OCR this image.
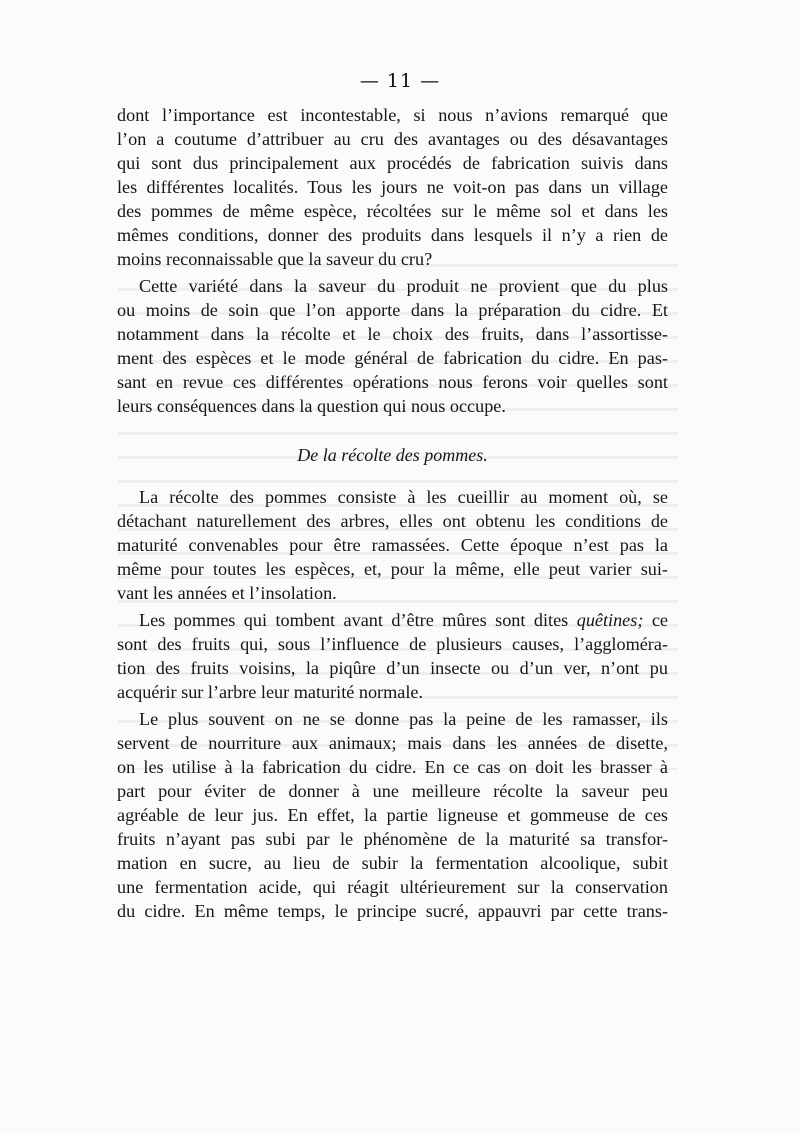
— 11 —

dont l’importance est incontestable, si nous n’avions remarqué que
l’on a coutume d’attribuer au cru des avantages ou des désavantages
qui sont dus principalement aux procédés de fabrication suivis dans
les différentes localités. Tous les jours ne voit-on pas dans un village
des pommes de même espèce, récoltées sur le même sol et dans les
mêmes conditions, donner des produits dans lesquels il n’y a rien de
moins reconnaissable que la saveur du cru?

Cette variété dans la saveur du produit ne provient que du plus
ou moins de soin que l’on apporte dans la préparation du cidre. Et
notamment dans la récolte et le choix des fruits, dans l’assortisse-
ment des espèces et le mode général de fabrication du cidre. En pas-
sant en revue ces différentes opérations nous ferons voir quelles sont
leurs conséquences dans la question qui nous occupe.

De la récolte des pommes.

La récolte des pommes consiste à les cueillir au moment où, se
détachant naturellement des arbres, elles ont obtenu les conditions de
maturité convenables pour être ramassées. Cette époque n’est pas la
même pour toutes les espèces, et, pour la même, elle peut varier sui-
vant les années et l’insolation.

Les pommes qui tombent avant d’être mûres sont dites quêtines; ce
sont des fruits qui, sous l’influence de plusieurs causes, l’aggloméra-
tion des fruits voisins, la piqûre d’un insecte ou d’un ver, n’ont pu
acquérir sur l’arbre leur maturité normale.

Le plus souvent on ne se donne pas la peine de les ramasser, ils
servent de nourriture aux animaux; mais dans les années de disette,
on les utilise à la fabrication du cidre. En ce cas on doit les brasser à
part pour éviter de donner à une meilleure récolte la saveur peu
agréable de leur jus. En effet, la partie ligneuse et gommeuse de ces
fruits n’ayant pas subi par le phénomène de la maturité sa transfor-
mation en sucre, au lieu de subir la fermentation alcoolique, subit
une fermentation acide, qui réagit ultérieurement sur la conservation
du cidre. En même temps, le principe sucré, appauvri par cette trans-
